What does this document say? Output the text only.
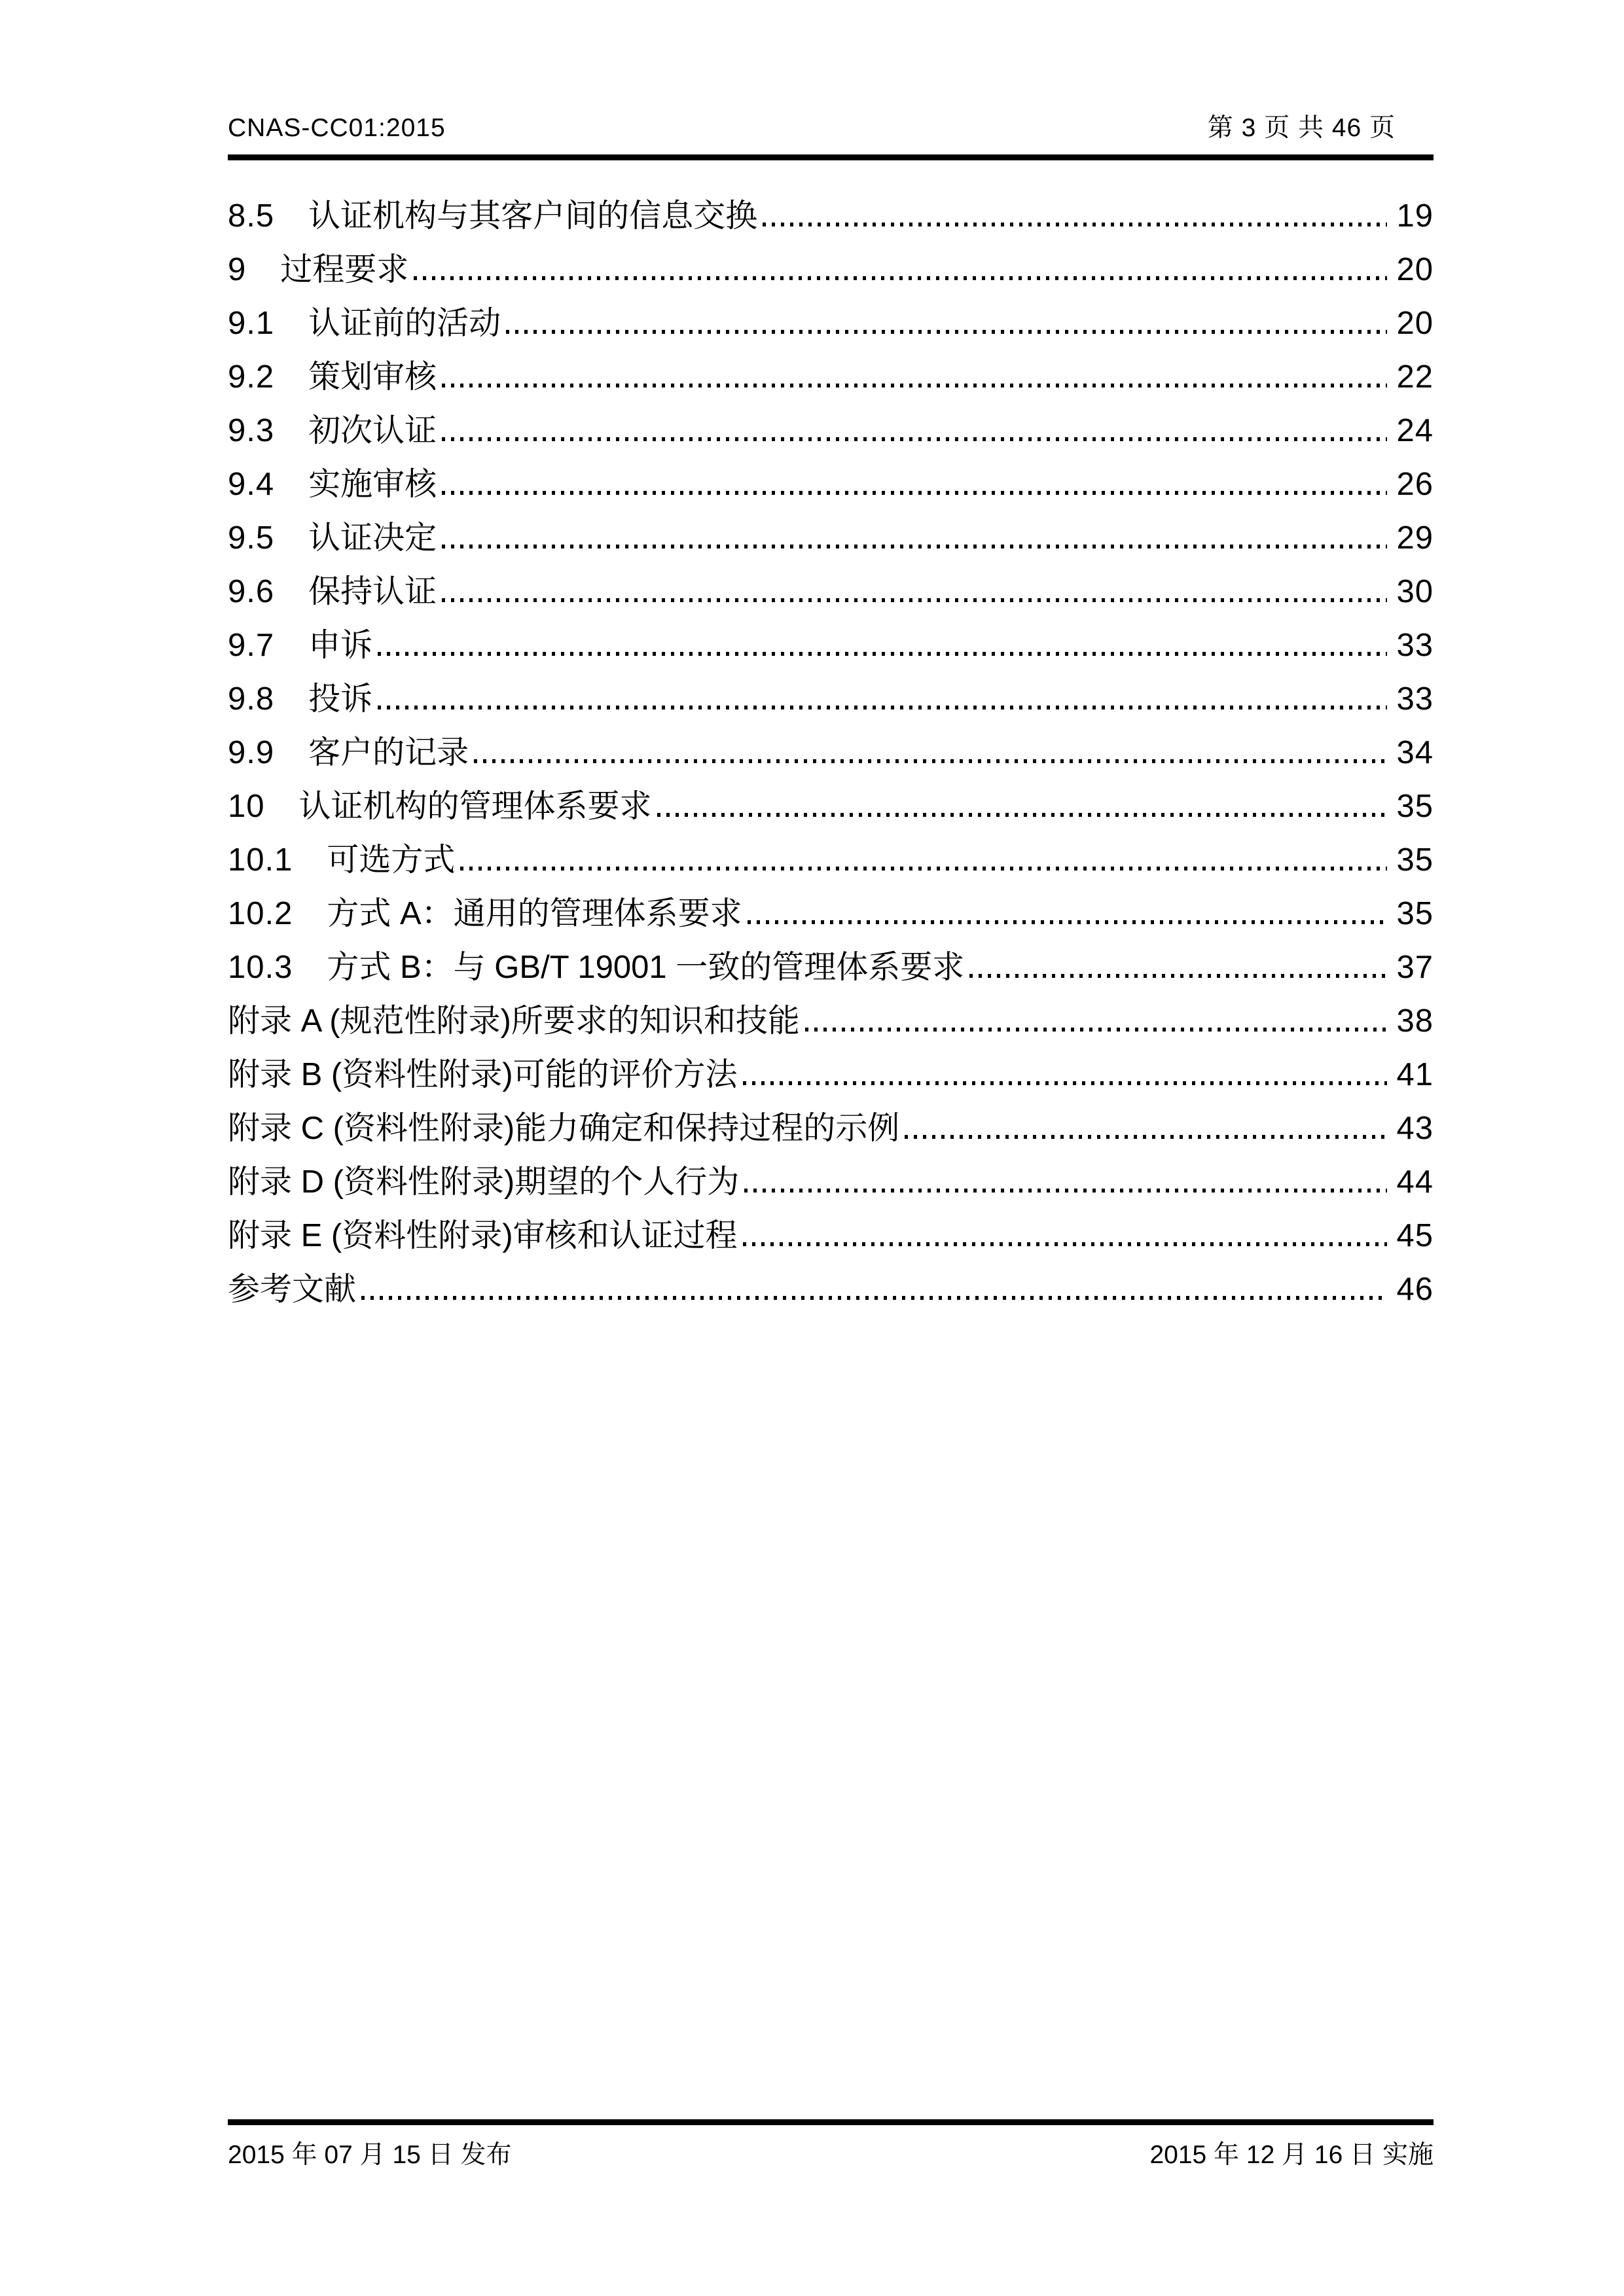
CNAS-CC01:2015	第 3 页 共 46 页
8.5 认证机构与其客户间的信息交换	19
9 过程要求	20
9.1 认证前的活动	20
9.2 策划审核	22
9.3 初次认证	24
9.4 实施审核	26
9.5 认证决定	29
9.6 保持认证	30
9.7 申诉	33
9.8 投诉	33
9.9 客户的记录	34
10 认证机构的管理体系要求	35
10.1 可选方式	35
10.2 方式 A：通用的管理体系要求	35
10.3 方式 B：与 GB/T 19001 一致的管理体系要求	37
附录 A (规范性附录)所要求的知识和技能	38
附录 B (资料性附录)可能的评价方法	41
附录 C (资料性附录)能力确定和保持过程的示例	43
附录 D (资料性附录)期望的个人行为	44
附录 E (资料性附录)审核和认证过程	45
参考文献	46
2015 年 07 月 15 日 发布	2015 年 12 月 16 日 实施
